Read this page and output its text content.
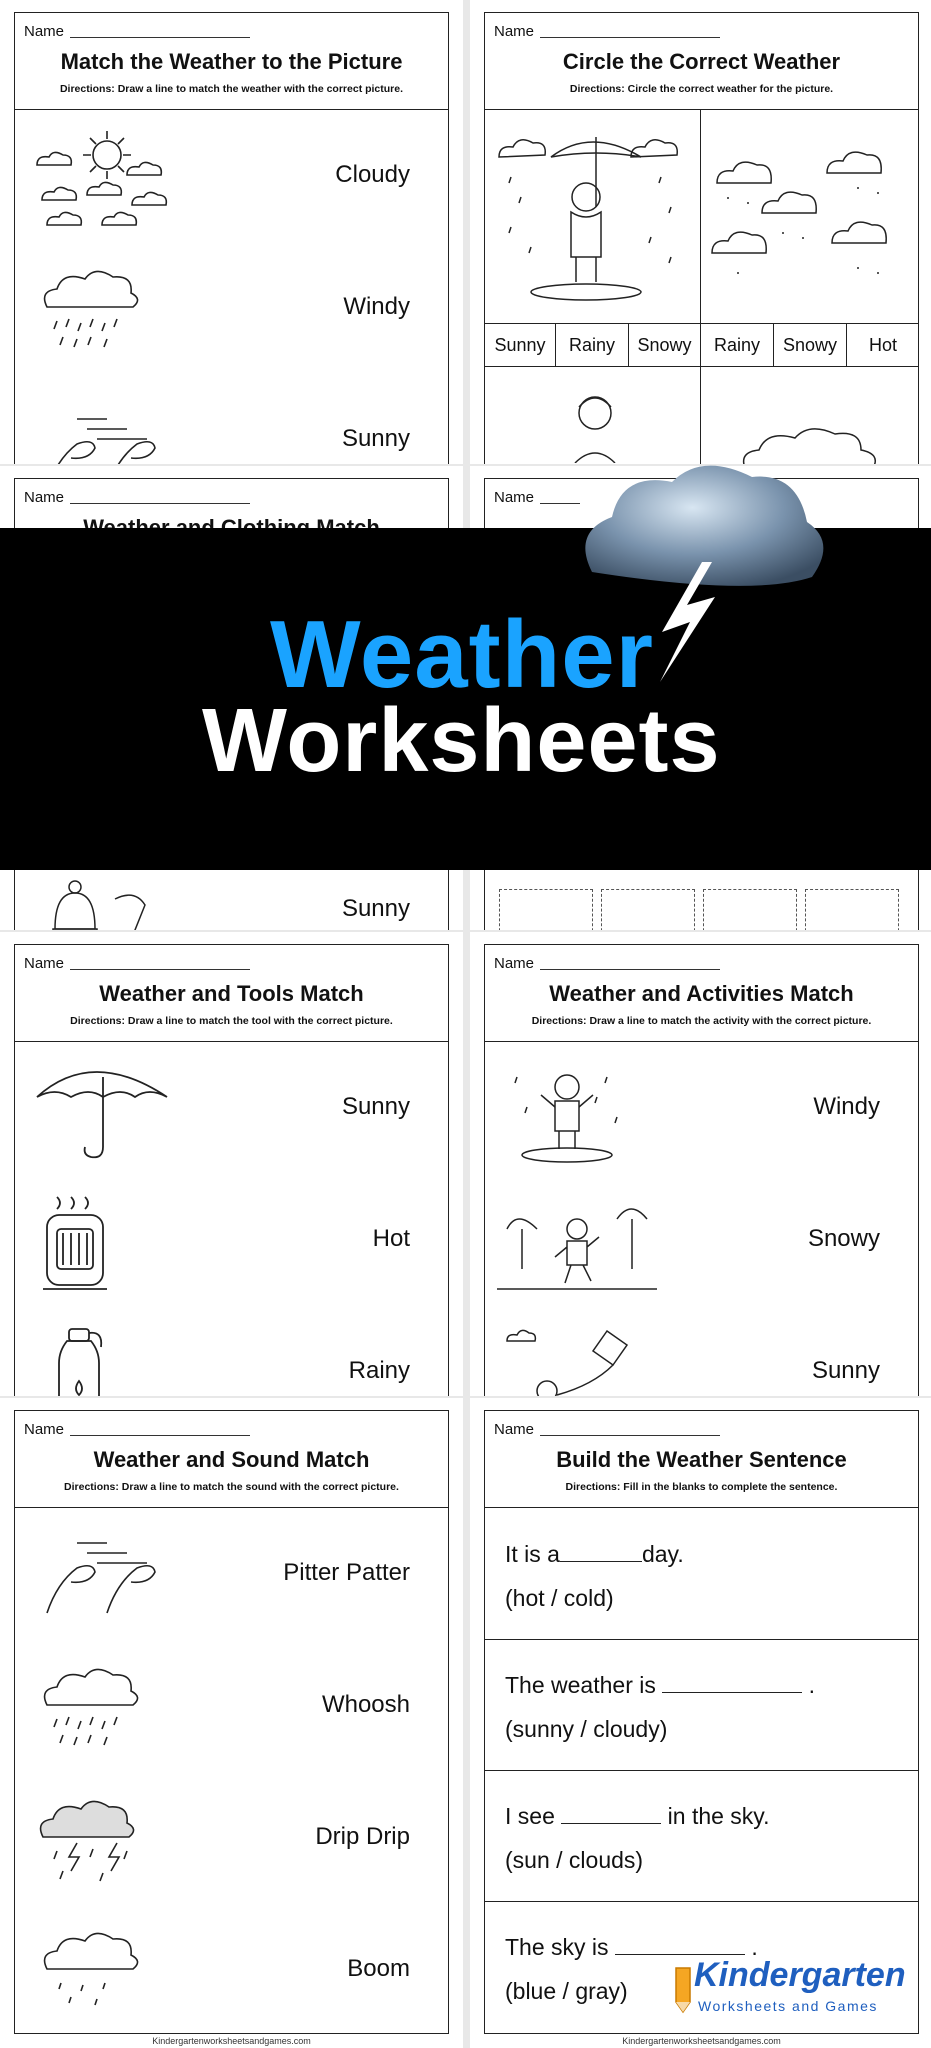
Name
Match the Weather to the Picture
Directions: Draw a line to match the weather with the correct picture.
Cloudy
Windy
Sunny
Name
Circle the Correct Weather
Directions: Circle the correct weather for the picture.
Sunny	Rainy	Snowy	Rainy	Snowy	Hot
Name
Sunny
Name
Weather
Worksheets
Name
Weather and Tools Match
Directions: Draw a line to match the tool with the correct picture.
Sunny
Hot
Rainy
Name
Weather and Activities Match
Directions: Draw a line to match the activity with the correct picture.
Windy
Snowy
Sunny
Name
Weather and Sound Match
Directions: Draw a line to match the sound with the correct picture.
Pitter Patter
Whoosh
Drip Drip
Boom
Kindergartenworksheetsandgames.com
Name
Build the Weather Sentence
Directions: Fill in the blanks to complete the sentence.
It is a	day.
(hot / cold)
The weather is	.
(sunny / cloudy)
I see	in the sky.
(sun / clouds)
The sky is	.
(blue / gray)
Kindergartenworksheetsandgames.com
Kindergarten
Worksheets and Games
